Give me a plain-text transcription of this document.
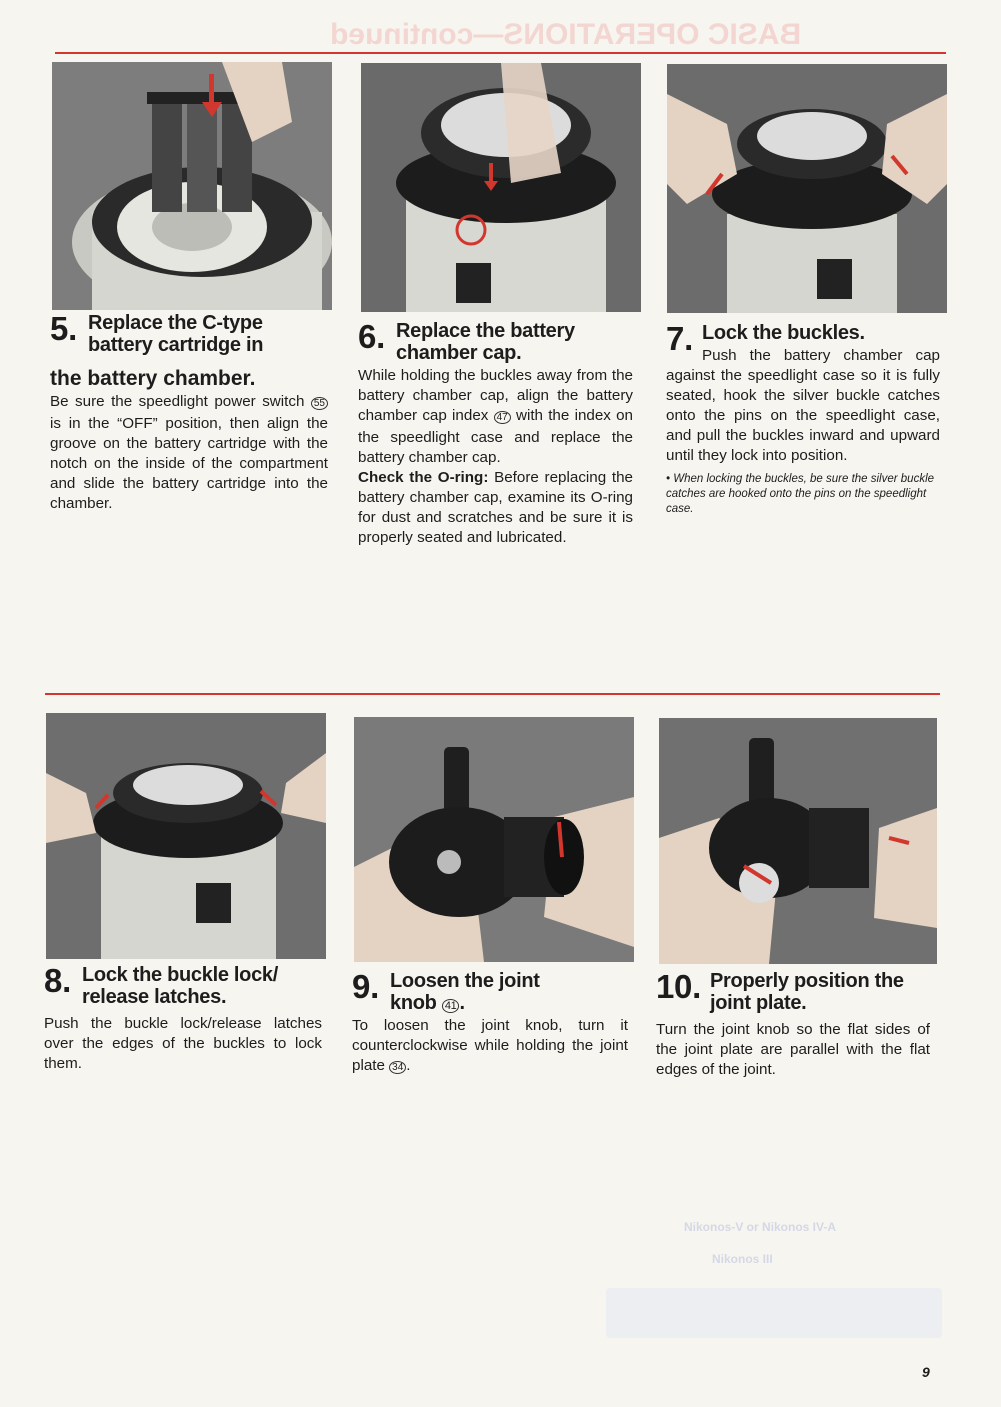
BASIC OPERATIONS—continued
5. Replace the C-type
battery cartridge in
the battery chamber.

Be sure the speedlight power switch 55 is in the “OFF” position, then align the groove on the battery cartridge with the notch on the inside of the compartment and slide the battery cartridge into the chamber.

6. Replace the battery
chamber cap.

While holding the buckles away from the battery chamber cap, align the battery chamber cap index 47 with the index on the speedlight case and replace the battery chamber cap.

Check the O-ring: Before replacing the battery chamber cap, examine its O-ring for dust and scratches and be sure it is properly seated and lubricated.

7. Lock the buckles.

Push the battery chamber cap against the speedlight case so it is fully seated, hook the silver buckle catches onto the pins on the speedlight case, and pull the buckles inward and upward until they lock into position.

• When locking the buckles, be sure the silver buckle catches are hooked onto the pins on the speedlight case.

8. Lock the buckle lock/
release latches.

Push the buckle lock/release latches over the edges of the buckles to lock them.

9. Loosen the joint
knob 41 .

To loosen the joint knob, turn it counterclockwise while holding the joint plate 34 .

10. Properly position the
joint plate.

Turn the joint knob so the flat sides of the joint plate are parallel with the flat edges of the joint.

Nikonos-V or Nikonos IV-A
Nikonos III
9
